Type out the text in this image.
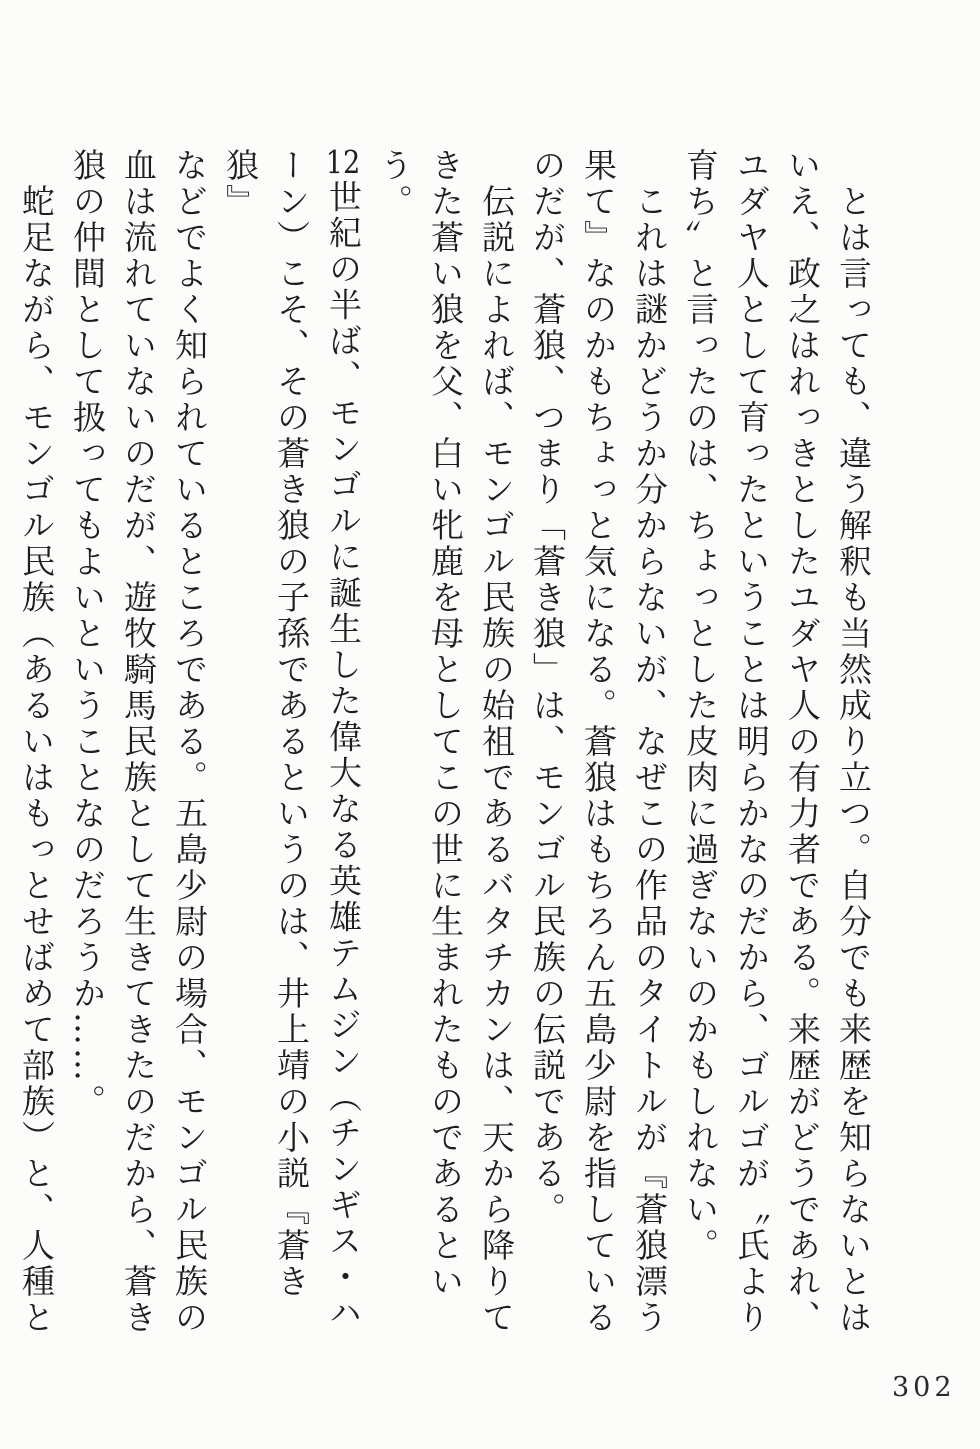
　とは言っても、違う解釈も当然成り立つ。自分でも来歴を知らないとは
いえ、政之はれっきとしたユダヤ人の有力者である。来歴がどうであれ、
ユダヤ人として育ったということは明らかなのだから、ゴルゴが〝氏より
育ち〟と言ったのは、ちょっとした皮肉に過ぎないのかもしれない。
　これは謎かどうか分からないが、なぜこの作品のタイトルが『蒼狼漂う
果て』なのかもちょっと気になる。蒼狼はもちろん五島少尉を指している
のだが、蒼狼、つまり「蒼き狼」は、モンゴル民族の伝説である。
　伝説によれば、モンゴル民族の始祖であるバタチカンは、天から降りて
きた蒼い狼を父、白い牝鹿を母としてこの世に生まれたものであるという。
12世紀の半ば、モンゴルに誕生した偉大なる英雄テムジン（チンギス・ハ
ーン）こそ、その蒼き狼の子孫であるというのは、井上靖の小説『蒼き狼』
などでよく知られているところである。五島少尉の場合、モンゴル民族の
血は流れていないのだが、遊牧騎馬民族として生きてきたのだから、蒼き
狼の仲間として扱ってもよいということなのだろうか……。
　蛇足ながら、モンゴル民族（あるいはもっとせばめて部族）と、人種と
302
